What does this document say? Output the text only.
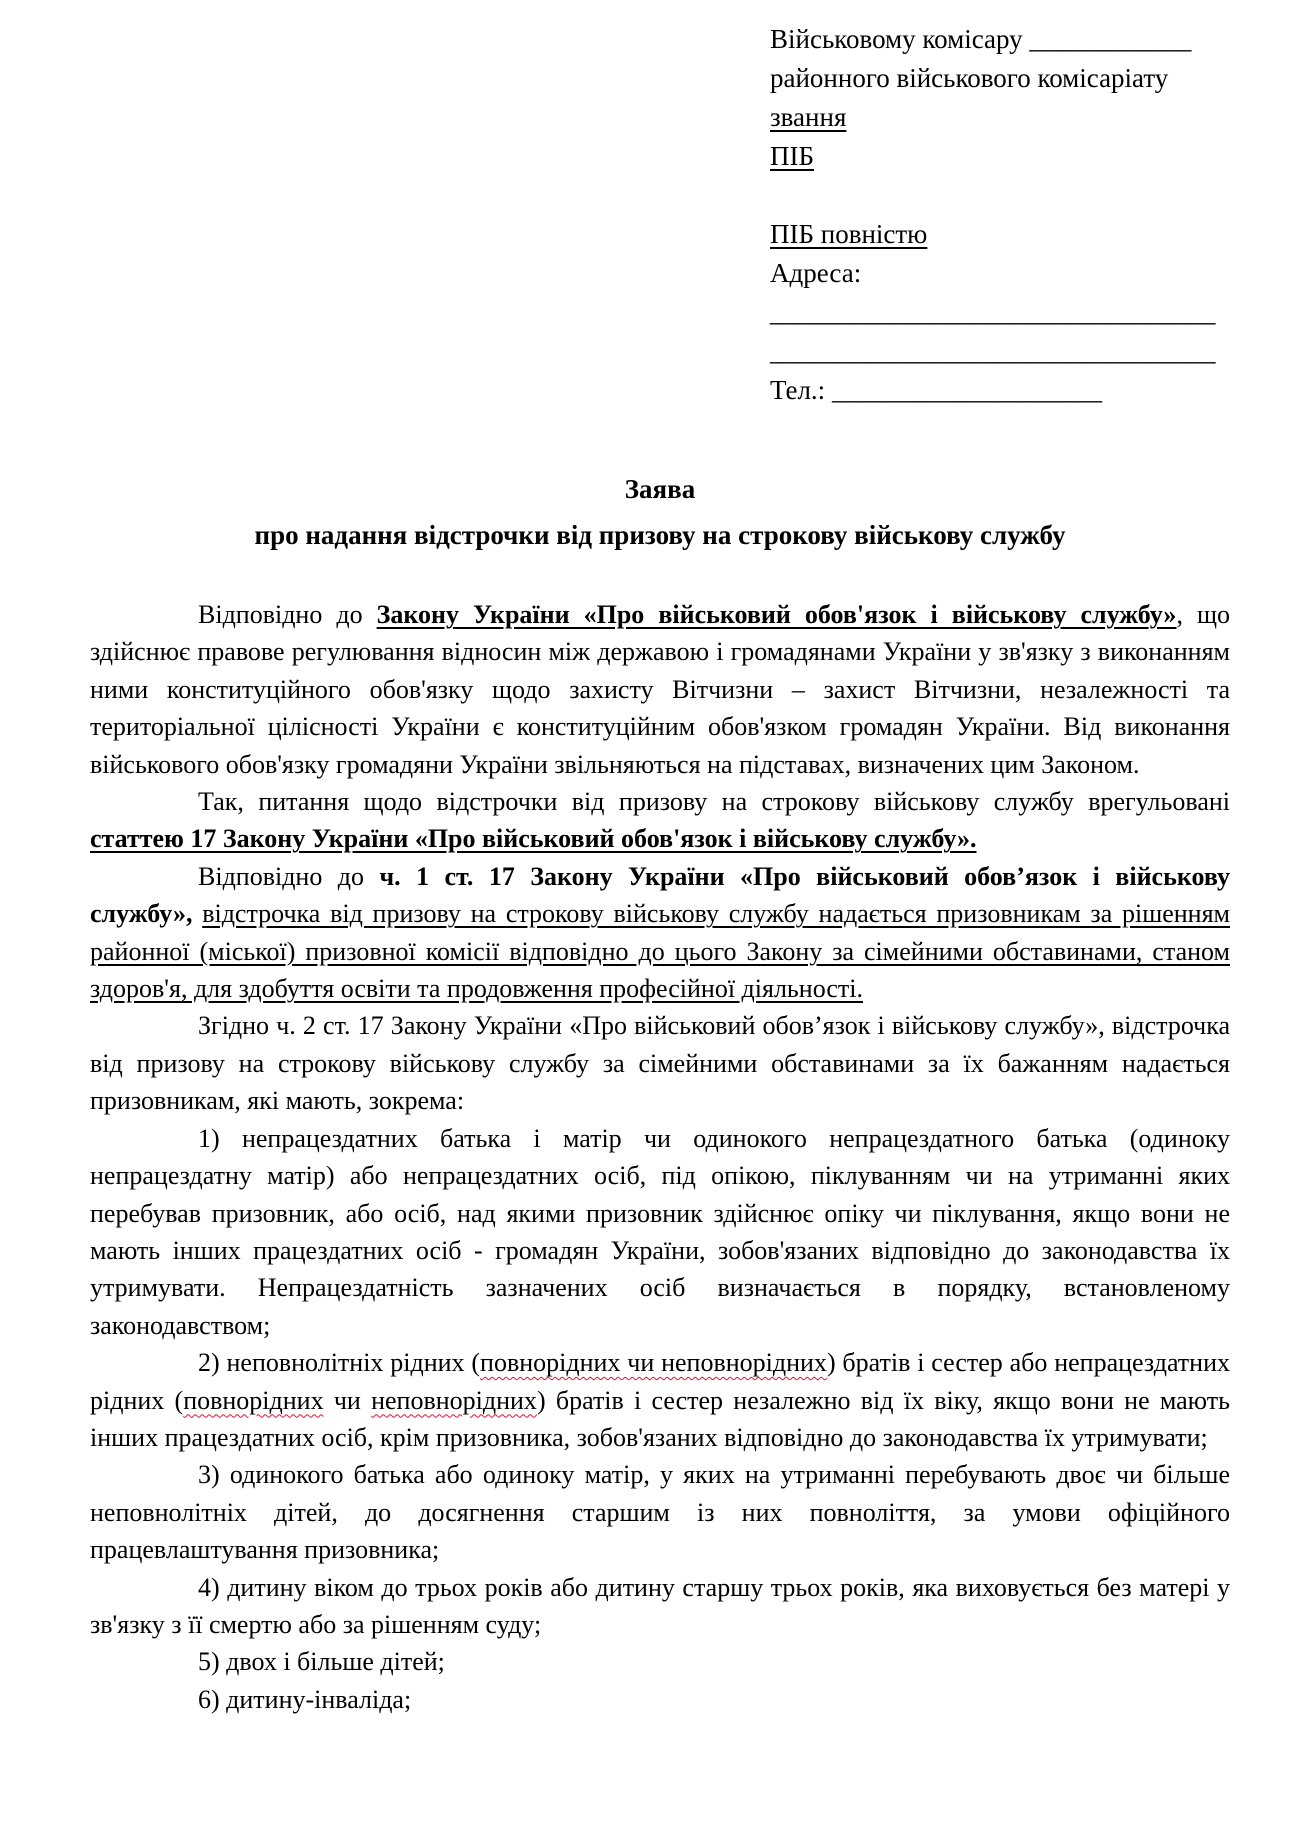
Військовому комісару ____________
районного військового комісаріату
звання
ПІБ

ПІБ повністю
Адреса:
_________________________________
_________________________________
Тел.: ____________________
Заява
про надання відстрочки від призову на строкову військову службу
Відповідно до Закону України «Про військовий обов'язок і військову службу», що здійснює правове регулювання відносин між державою і громадянами України у зв'язку з виконанням ними конституційного обов'язку щодо захисту Вітчизни – захист Вітчизни, незалежності та територіальної цілісності України є конституційним обов'язком громадян України. Від виконання військового обов'язку громадяни України звільняються на підставах, визначених цим Законом.
Так, питання щодо відстрочки від призову на строкову військову службу врегульовані статтею 17 Закону України «Про військовий обов'язок і військову службу».
Відповідно до ч. 1 ст. 17 Закону України «Про військовий обов’язок і військову службу», відстрочка від призову на строкову військову службу надається призовникам за рішенням районної (міської) призовної комісії відповідно до цього Закону за сімейними обставинами, станом здоров'я, для здобуття освіти та продовження професійної діяльності.
Згідно ч. 2 ст. 17 Закону України «Про військовий обов’язок і військову службу», відстрочка від призову на строкову військову службу за сімейними обставинами за їх бажанням надається призовникам, які мають, зокрема:
1) непрацездатних батька і матір чи одинокого непрацездатного батька (одиноку непрацездатну матір) або непрацездатних осіб, під опікою, піклуванням чи на утриманні яких перебував призовник, або осіб, над якими призовник здійснює опіку чи піклування, якщо вони не мають інших працездатних осіб - громадян України, зобов'язаних відповідно до законодавства їх утримувати. Непрацездатність зазначених осіб визначається в порядку, встановленому законодавством;
2) неповнолітніх рідних (повнорідних чи неповнорідних) братів і сестер або непрацездатних рідних (повнорідних чи неповнорідних) братів і сестер незалежно від їх віку, якщо вони не мають інших працездатних осіб, крім призовника, зобов'язаних відповідно до законодавства їх утримувати;
3) одинокого батька або одиноку матір, у яких на утриманні перебувають двоє чи більше неповнолітніх дітей, до досягнення старшим із них повноліття, за умови офіційного працевлаштування призовника;
4) дитину віком до трьох років або дитину старшу трьох років, яка виховується без матері у зв'язку з її смертю або за рішенням суду;
5) двох і більше дітей;
6) дитину-інваліда;
